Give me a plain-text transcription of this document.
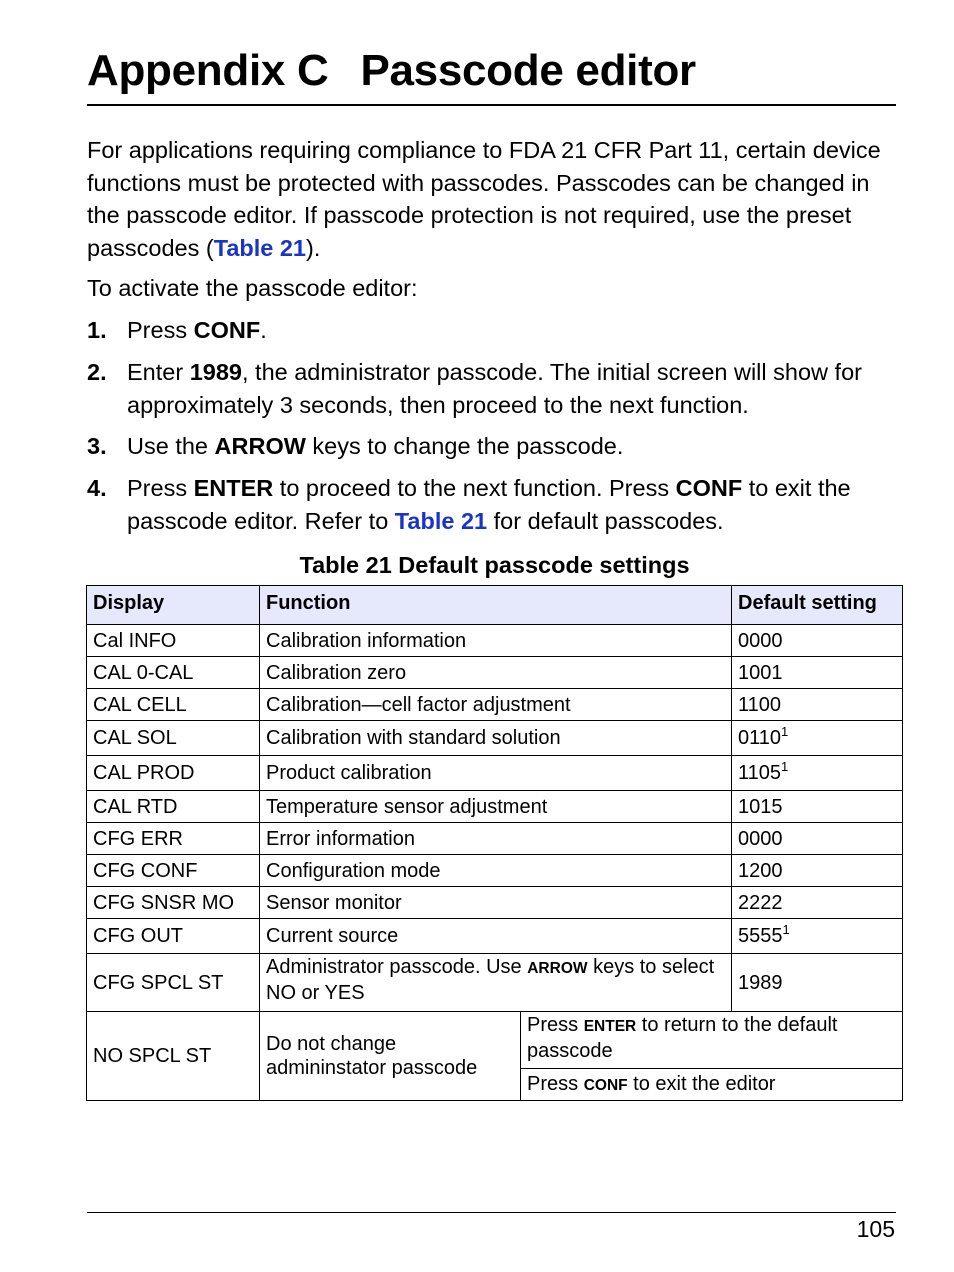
Appendix C Passcode editor

For applications requiring compliance to FDA 21 CFR Part 11, certain device functions must be protected with passcodes. Passcodes can be changed in the passcode editor. If passcode protection is not required, use the preset passcodes (Table 21).

To activate the passcode editor:

1. Press CONF.
2. Enter 1989, the administrator passcode. The initial screen will show for approximately 3 seconds, then proceed to the next function.
3. Use the ARROW keys to change the passcode.
4. Press ENTER to proceed to the next function. Press CONF to exit the passcode editor. Refer to Table 21 for default passcodes.

Table 21 Default passcode settings

Display	Function		Default setting
Cal INFO	Calibration information		0000
CAL 0-CAL	Calibration zero		1001
CAL CELL	Calibration—cell factor adjustment		1100
CAL SOL	Calibration with standard solution		0110$^1$
CAL PROD	Product calibration		1105$^1$
CAL RTD	Temperature sensor adjustment		1015
CFG ERR	Error information		0000
CFG CONF	Configuration mode		1200
CFG SNSR MO	Sensor monitor		2222
CFG OUT	Current source		5555$^1$
CFG SPCL ST	Administrator passcode. Use ARROW keys to select NO or YES		1989
NO SPCL ST	Do not change admininstator passcode	Press ENTER to return to the default passcode	
		Press CONF to exit the editor	
105
